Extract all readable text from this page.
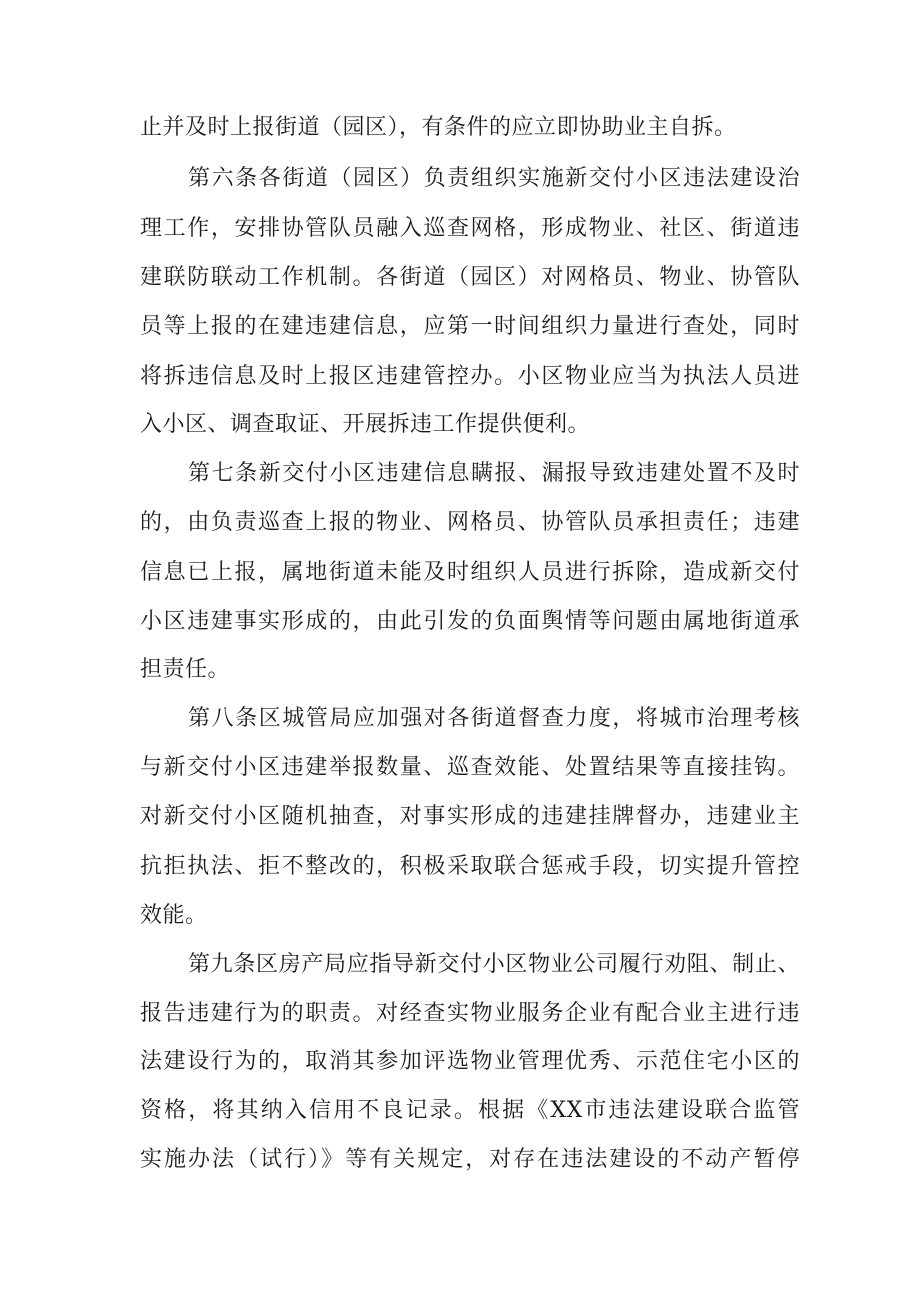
止并及时上报街道（园区），有条件的应立即协助业主自拆。
第六条各街道（园区）负责组织实施新交付小区违法建设治
理工作，安排协管队员融入巡查网格，形成物业、社区、街道违
建联防联动工作机制。各街道（园区）对网格员、物业、协管队
员等上报的在建违建信息，应第一时间组织力量进行查处，同时
将拆违信息及时上报区违建管控办。小区物业应当为执法人员进
入小区、调查取证、开展拆违工作提供便利。
第七条新交付小区违建信息瞒报、漏报导致违建处置不及时
的，由负责巡查上报的物业、网格员、协管队员承担责任；违建
信息已上报，属地街道未能及时组织人员进行拆除，造成新交付
小区违建事实形成的，由此引发的负面舆情等问题由属地街道承
担责任。
第八条区城管局应加强对各街道督查力度，将城市治理考核
与新交付小区违建举报数量、巡查效能、处置结果等直接挂钩。
对新交付小区随机抽查，对事实形成的违建挂牌督办，违建业主
抗拒执法、拒不整改的，积极采取联合惩戒手段，切实提升管控
效能。
第九条区房产局应指导新交付小区物业公司履行劝阻、制止、
报告违建行为的职责。对经查实物业服务企业有配合业主进行违
法建设行为的，取消其参加评选物业管理优秀、示范住宅小区的
资格，将其纳入信用不良记录。根据《XX市违法建设联合监管
实施办法（试行）》等有关规定，对存在违法建设的不动产暂停
